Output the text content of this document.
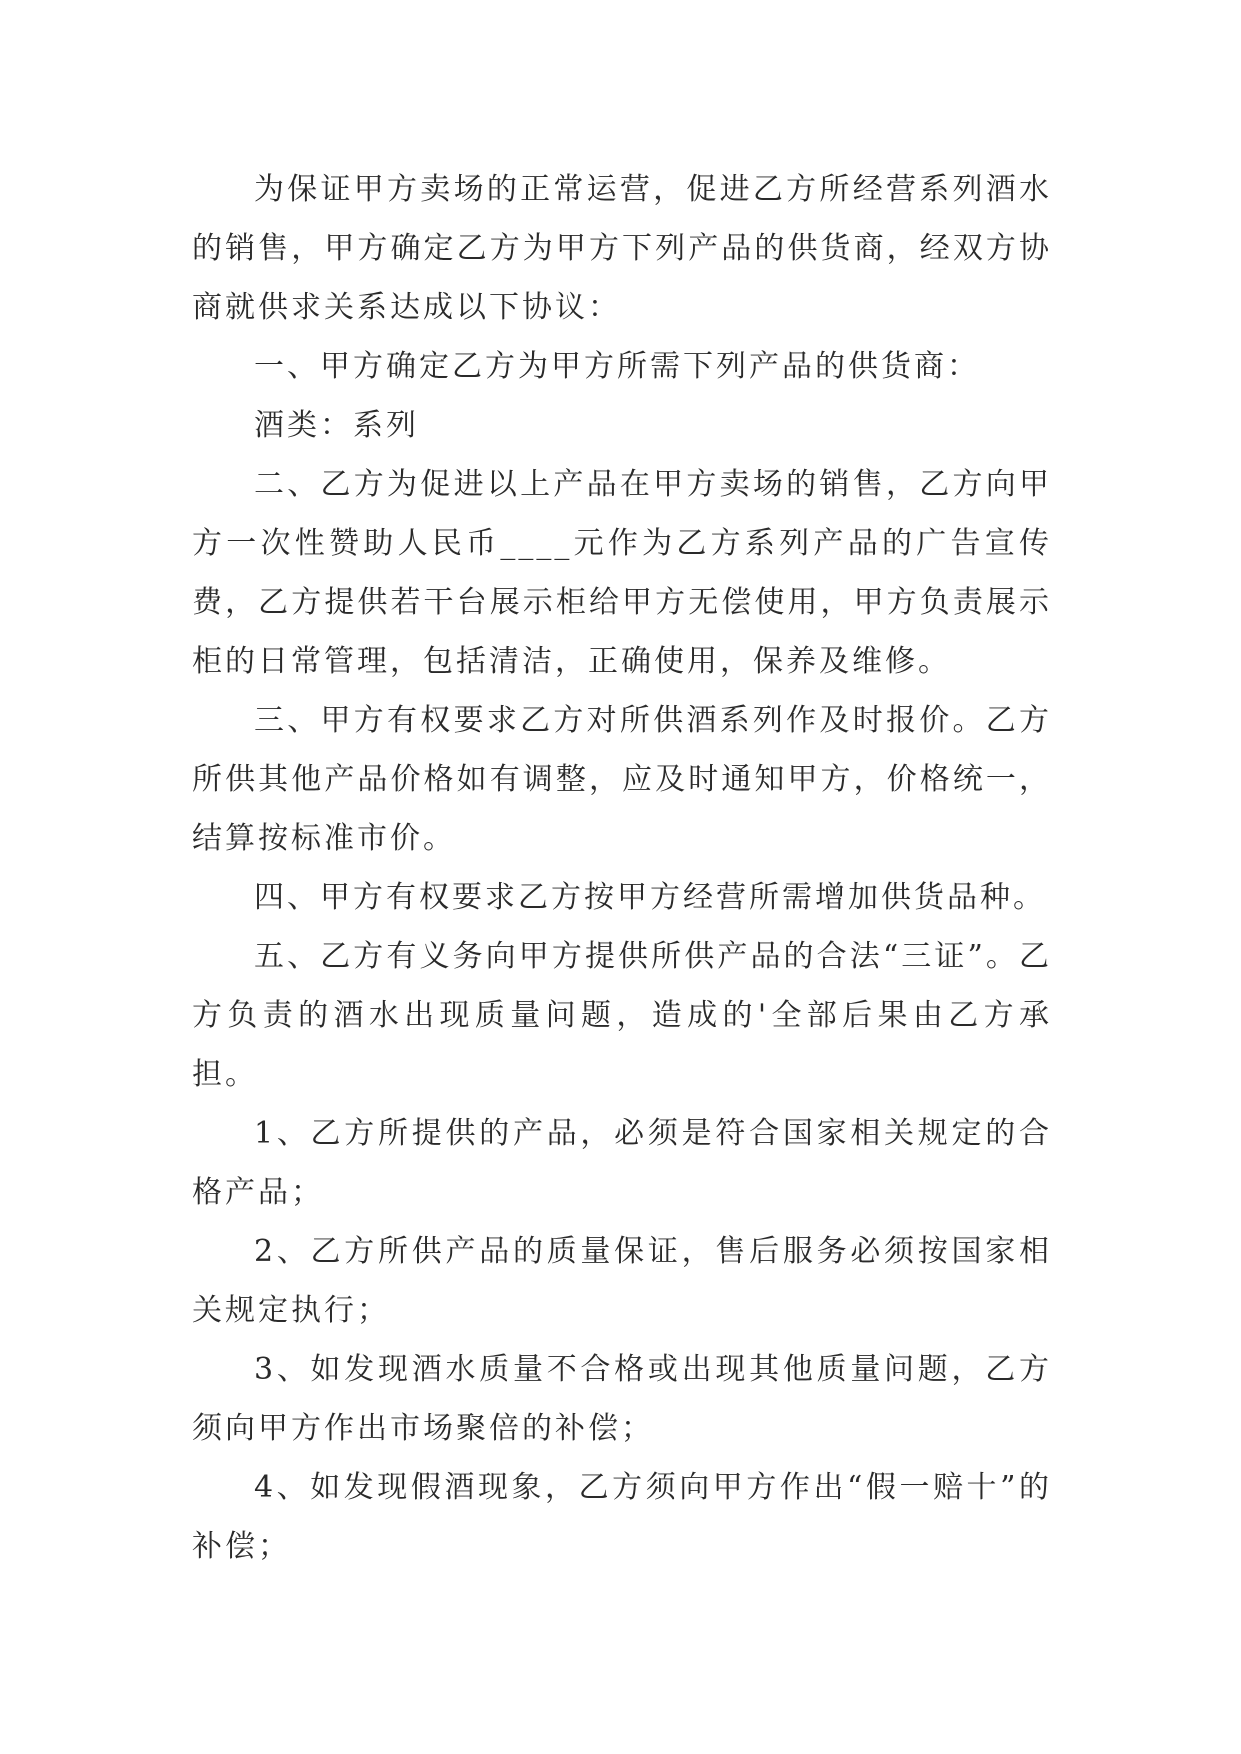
为保证甲方卖场的正常运营，促进乙方所经营系列酒水的销售，甲方确定乙方为甲方下列产品的供货商，经双方协商就供求关系达成以下协议：

一、甲方确定乙方为甲方所需下列产品的供货商：

酒类：系列

二、乙方为促进以上产品在甲方卖场的销售，乙方向甲方一次性赞助人民币____元作为乙方系列产品的广告宣传费，乙方提供若干台展示柜给甲方无偿使用，甲方负责展示柜的日常管理，包括清洁，正确使用，保养及维修。

三、甲方有权要求乙方对所供酒系列作及时报价。乙方所供其他产品价格如有调整，应及时通知甲方，价格统一，结算按标准市价。

四、甲方有权要求乙方按甲方经营所需增加供货品种。

五、乙方有义务向甲方提供所供产品的合法“三证”。乙方负责的酒水出现质量问题，造成的'全部后果由乙方承担。

1、乙方所提供的产品，必须是符合国家相关规定的合格产品；

2、乙方所供产品的质量保证，售后服务必须按国家相关规定执行；

3、如发现酒水质量不合格或出现其他质量问题，乙方须向甲方作出市场聚倍的补偿；

4、如发现假酒现象，乙方须向甲方作出“假一赔十”的补偿；
